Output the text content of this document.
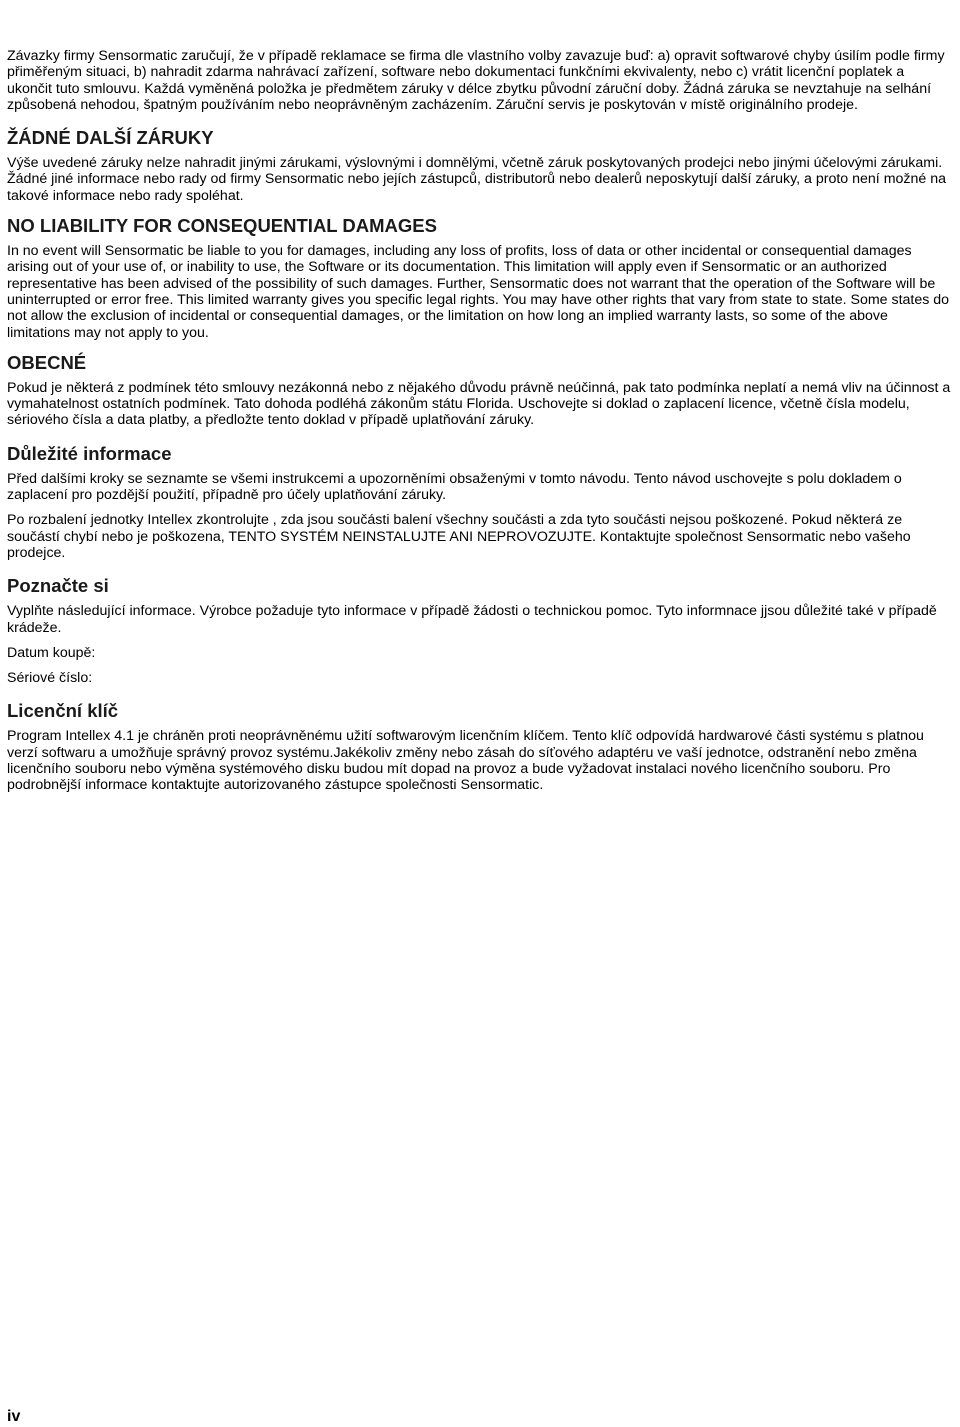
Závazky firmy Sensormatic zaručují, že v případě reklamace se firma dle vlastního volby zavazuje buď: a) opravit softwarové chyby úsilím podle firmy přiměřeným situaci, b) nahradit zdarma nahrávací zařízení, software nebo dokumentaci funkčními ekvivalenty, nebo c) vrátit licenční poplatek a ukončit tuto smlouvu. Každá vyměněná položka je předmětem záruky v délce zbytku původní záruční doby. Žádná záruka se nevztahuje na selhání způsobená nehodou, špatným používáním nebo neoprávněným zacházením. Záruční servis je poskytován v místě originálního prodeje.

ŽÁDNÉ DALŠÍ ZÁRUKY

Výše uvedené záruky nelze nahradit jinými zárukami, výslovnými i domnělými, včetně záruk poskytovaných prodejci nebo jinými účelovými zárukami. Žádné jiné informace nebo rady od firmy Sensormatic nebo jejích zástupců, distributorů nebo dealerů neposkytují další záruky, a proto není možné na takové informace nebo rady spoléhat.

NO LIABILITY FOR CONSEQUENTIAL DAMAGES

In no event will Sensormatic be liable to you for damages, including any loss of profits, loss of data or other incidental or consequential damages arising out of your use of, or inability to use, the Software or its documentation. This limitation will apply even if Sensormatic or an authorized representative has been advised of the possibility of such damages. Further, Sensormatic does not warrant that the operation of the Software will be uninterrupted or error free. This limited warranty gives you specific legal rights. You may have other rights that vary from state to state. Some states do not allow the exclusion of incidental or consequential damages, or the limitation on how long an implied warranty lasts, so some of the above limitations may not apply to you.

OBECNÉ

Pokud je některá z podmínek této smlouvy nezákonná nebo z nějakého důvodu právně neúčinná, pak tato podmínka neplatí a nemá vliv na účinnost a vymahatelnost ostatních podmínek. Tato dohoda podléhá zákonům státu Florida. Uschovejte si doklad o zaplacení licence, včetně čísla modelu, sériového čísla a data platby, a předložte tento doklad v případě uplatňování záruky.

Důležité informace

Před dalšími kroky se seznamte se všemi instrukcemi a upozorněními obsaženými v tomto návodu. Tento návod uschovejte s polu dokladem o zaplacení pro pozdější použití, případně pro účely uplatňování záruky.

Po rozbalení jednotky Intellex zkontrolujte , zda jsou součásti balení všechny součásti a zda tyto součásti nejsou poškozené. Pokud některá ze součástí chybí nebo je poškozena, TENTO SYSTÉM NEINSTALUJTE ANI NEPROVOZUJTE. Kontaktujte společnost Sensormatic nebo vašeho prodejce.

Poznačte si

Vyplňte následující informace. Výrobce požaduje tyto informace v případě žádosti o technickou pomoc. Tyto informnace jjsou důležité také v případě krádeže.

Datum koupě:

Sériové číslo:

Licenční klíč

Program Intellex 4.1 je chráněn proti neoprávněnému užití softwarovým licenčním klíčem. Tento klíč odpovídá hardwarové části systému s platnou verzí softwaru a umožňuje správný provoz systému.Jakékoliv změny nebo zásah do síťového adaptéru ve vaší jednotce, odstranění nebo změna licenčního souboru nebo výměna systémového disku budou mít dopad na provoz a bude vyžadovat instalaci nového licenčního souboru. Pro podrobnější informace kontaktujte autorizovaného zástupce společnosti Sensormatic.

iv
